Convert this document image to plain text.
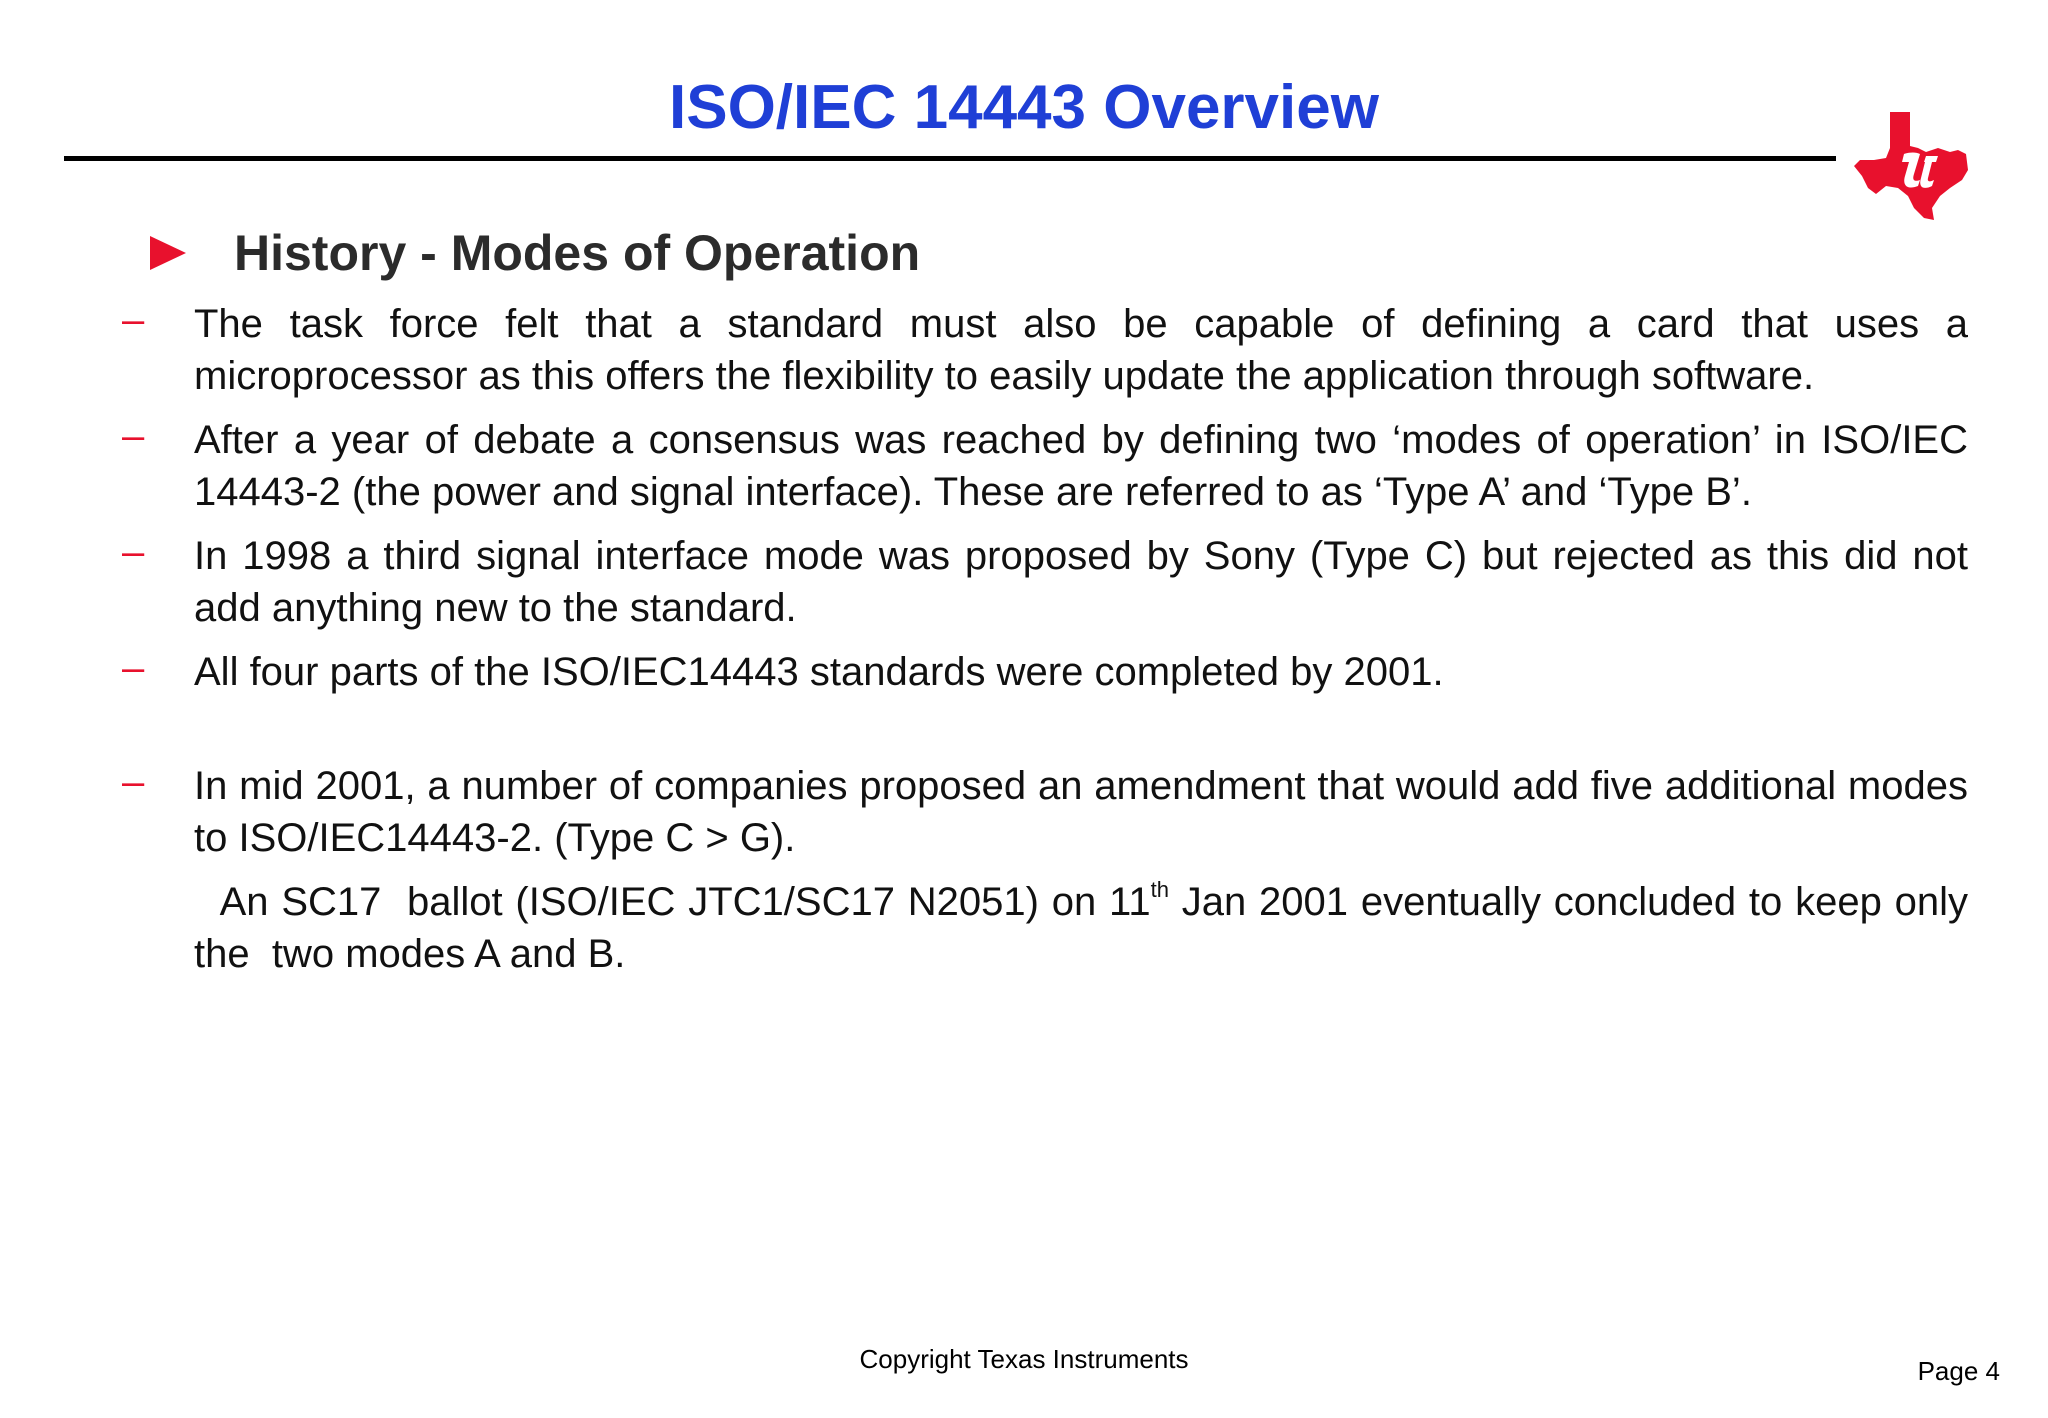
ISO/IEC 14443 Overview
History - Modes of Operation
– The task force felt that a standard must also be capable of defining a card that uses a microprocessor as this offers the flexibility to easily update the application through software.
– After a year of debate a consensus was reached by defining two ‘modes of operation’ in ISO/IEC 14443-2 (the power and signal interface). These are referred to as ‘Type A’ and ‘Type B’.
– In 1998 a third signal interface mode was proposed by Sony (Type C) but rejected as this did not add anything new to the standard.
– All four parts of the ISO/IEC14443 standards were completed by 2001.
– In mid 2001, a number of companies proposed an amendment that would add five additional modes to ISO/IEC14443-2. (Type C > G).
An SC17  ballot (ISO/IEC JTC1/SC17 N2051) on 11th Jan 2001 eventually concluded to keep only the  two modes A and B.
Copyright Texas Instruments	Page 4
